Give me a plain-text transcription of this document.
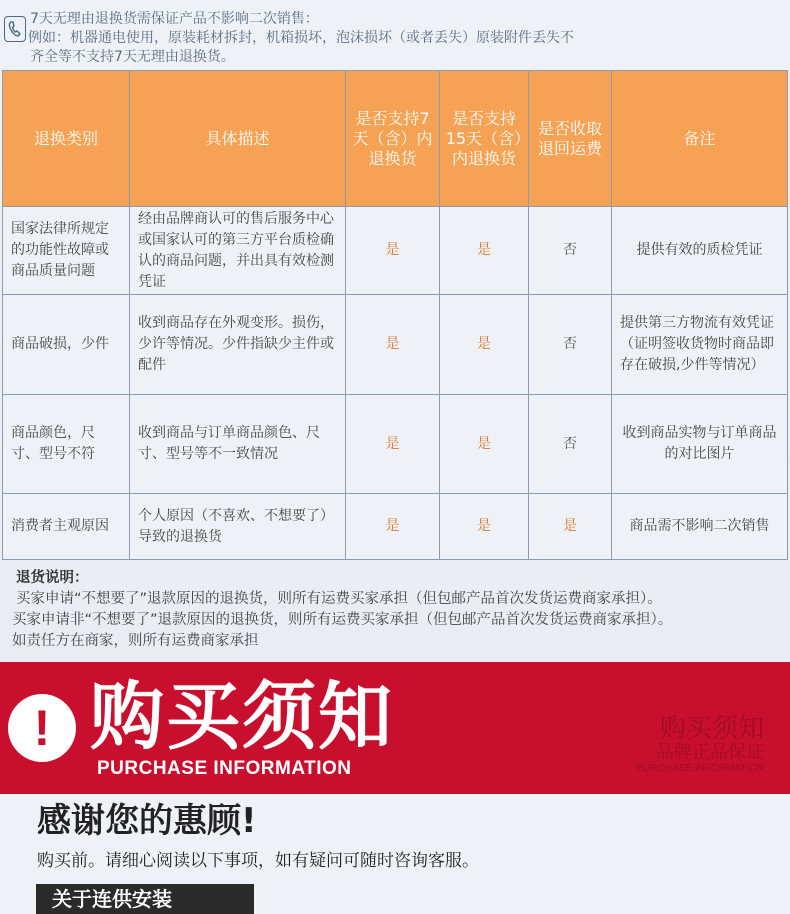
7天无理由退换货需保证产品不影响二次销售：
例如：机器通电使用，原装耗材拆封，机箱损坏，泡沫损坏（或者丢失）原装附件丢失不
齐全等不支持7天无理由退换货。
退换类别	具体描述	是否支持7天（含）内退换货	是否支持15天（含）内退换货	是否收取退回运费	备注
国家法律所规定的功能性故障或商品质量问题	经由品牌商认可的售后服务中心或国家认可的第三方平台质检确认的商品问题，并出具有效检测凭证	是	是	否	提供有效的质检凭证
商品破损，少件	收到商品存在外观变形。损伤，少许等情况。少件指缺少主件或配件	是	是	否	提供第三方物流有效凭证（证明签收货物时商品即存在破损,少件等情况）
商品颜色，尺寸、型号不符	收到商品与订单商品颜色、尺寸、型号等不一致情况	是	是	否	收到商品实物与订单商品的对比图片
消费者主观原因	个人原因（不喜欢、不想要了）导致的退换货	是	是	是	商品需不影响二次销售
退货说明：
买家申请“不想要了”退款原因的退换货，则所有运费买家承担（但包邮产品首次发货运费商家承担）。
买家申请非“不想要了”退款原因的退换货，则所有运费买家承担（但包邮产品首次发货运费商家承担）。
如责任方在商家，则所有运费商家承担
! 购买须知
PURCHASE INFORMATION
购买须知
品牌正品保证
PURCHASE INFORMATION
感谢您的惠顾!
购买前。请细心阅读以下事项，如有疑问可随时咨询客服。
关于连供安装
